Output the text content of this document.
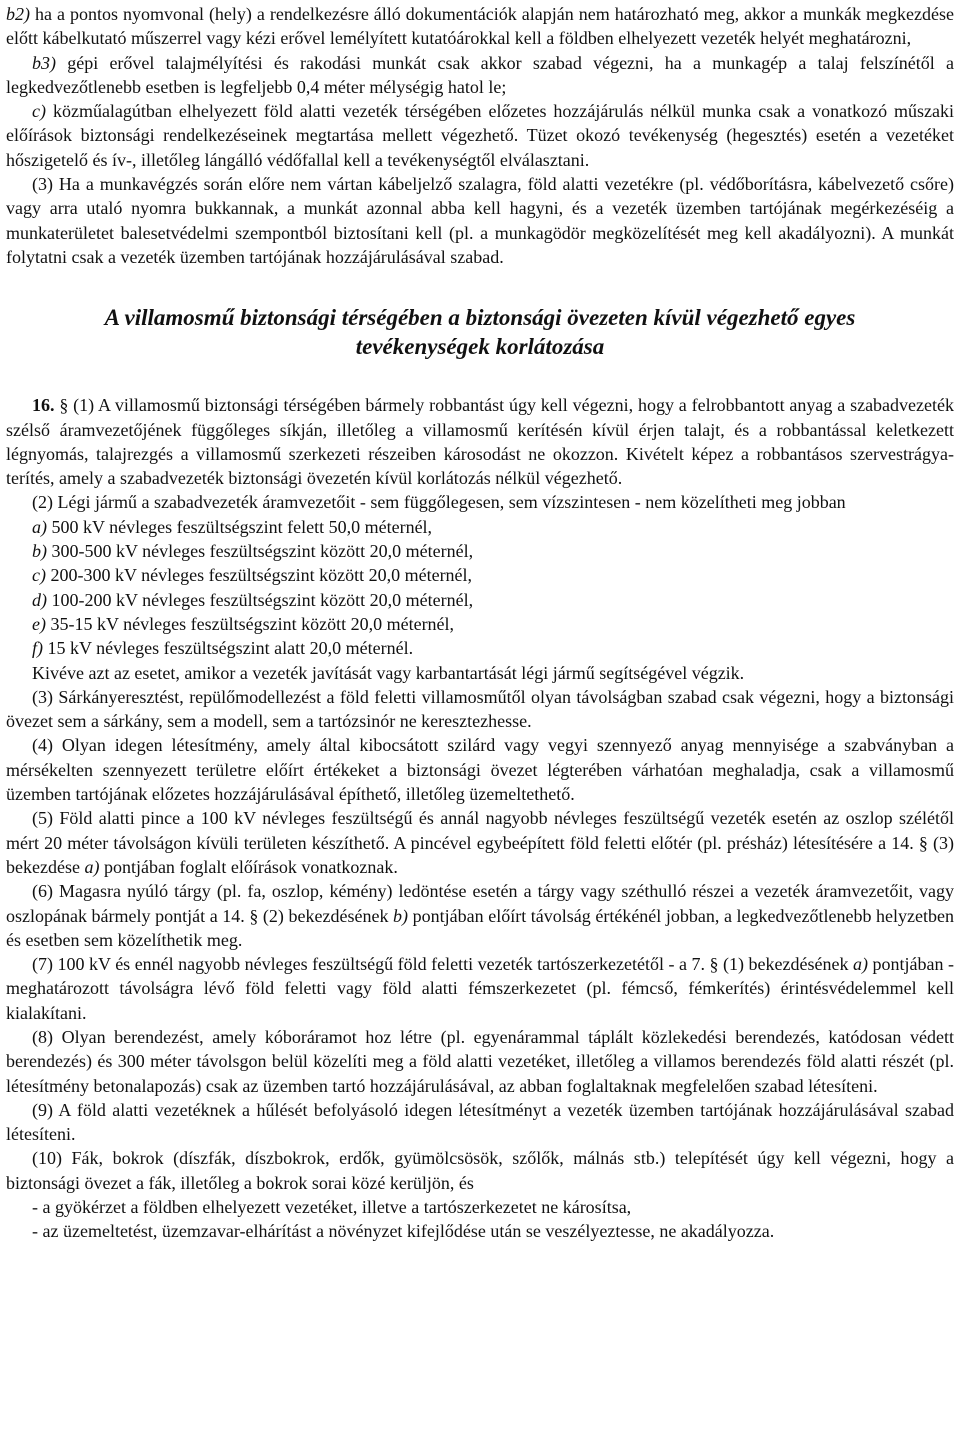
b2) ha a pontos nyomvonal (hely) a rendelkezésre álló dokumentációk alapján nem határozható meg, akkor a munkák megkezdése előtt kábelkutató műszerrel vagy kézi erővel lemélyített kutatóárokkal kell a földben elhelyezett vezeték helyét meghatározni,

b3) gépi erővel talajmélyítési és rakodási munkát csak akkor szabad végezni, ha a munkagép a talaj felszínétől a legkedvezőtlenebb esetben is legfeljebb 0,4 méter mélységig hatol le;

c) közműalagútban elhelyezett föld alatti vezeték térségében előzetes hozzájárulás nélkül munka csak a vonatkozó műszaki előírások biztonsági rendelkezéseinek megtartása mellett végezhető. Tüzet okozó tevékenység (hegesztés) esetén a vezetéket hőszigetelő és ív-, illetőleg lángálló védőfallal kell a tevékenységtől elválasztani.

(3) Ha a munkavégzés során előre nem vártan kábeljelző szalagra, föld alatti vezetékre (pl. védőborításra, kábelvezető csőre) vagy arra utaló nyomra bukkannak, a munkát azonnal abba kell hagyni, és a vezeték üzemben tartójának megérkezéséig a munkaterületet balesetvédelmi szempontból biztosítani kell (pl. a munkagödör megközelítését meg kell akadályozni). A munkát folytatni csak a vezeték üzemben tartójának hozzájárulásával szabad.

A villamosmű biztonsági térségében a biztonsági övezeten kívül végezhető egyes
tevékenységek korlátozása

16. § (1) A villamosmű biztonsági térségében bármely robbantást úgy kell végezni, hogy a felrobbantott anyag a szabadvezeték szélső áramvezetőjének függőleges síkján, illetőleg a villamosmű kerítésén kívül érjen talajt, és a robbantással keletkezett légnyomás, talajrezgés a villamosmű szerkezeti részeiben károsodást ne okozzon. Kivételt képez a robbantásos szervestrágya-terítés, amely a szabadvezeték biztonsági övezetén kívül korlátozás nélkül végezhető.

(2) Légi jármű a szabadvezeték áramvezetőit - sem függőlegesen, sem vízszintesen - nem közelítheti meg jobban

a) 500 kV névleges feszültségszint felett 50,0 méternél,

b) 300-500 kV névleges feszültségszint között 20,0 méternél,

c) 200-300 kV névleges feszültségszint között 20,0 méternél,

d) 100-200 kV névleges feszültségszint között 20,0 méternél,

e) 35-15 kV névleges feszültségszint között 20,0 méternél,

f) 15 kV névleges feszültségszint alatt 20,0 méternél.

Kivéve azt az esetet, amikor a vezeték javítását vagy karbantartását légi jármű segítségével végzik.

(3) Sárkányeresztést, repülőmodellezést a föld feletti villamosműtől olyan távolságban szabad csak végezni, hogy a biztonsági övezet sem a sárkány, sem a modell, sem a tartózsinór ne keresztezhesse.

(4) Olyan idegen létesítmény, amely által kibocsátott szilárd vagy vegyi szennyező anyag mennyisége a szabványban a mérsékelten szennyezett területre előírt értékeket a biztonsági övezet légterében várhatóan meghaladja, csak a villamosmű üzemben tartójának előzetes hozzájárulásával építhető, illetőleg üzemeltethető.

(5) Föld alatti pince a 100 kV névleges feszültségű és annál nagyobb névleges feszültségű vezeték esetén az oszlop szélétől mért 20 méter távolságon kívüli területen készíthető. A pincével egybeépített föld feletti előtér (pl. présház) létesítésére a 14. § (3) bekezdése a) pontjában foglalt előírások vonatkoznak.

(6) Magasra nyúló tárgy (pl. fa, oszlop, kémény) ledöntése esetén a tárgy vagy széthulló részei a vezeték áramvezetőit, vagy oszlopának bármely pontját a 14. § (2) bekezdésének b) pontjában előírt távolság értékénél jobban, a legkedvezőtlenebb helyzetben és esetben sem közelíthetik meg.

(7) 100 kV és ennél nagyobb névleges feszültségű föld feletti vezeték tartószerkezetétől - a 7. § (1) bekezdésének a) pontjában - meghatározott távolságra lévő föld feletti vagy föld alatti fémszerkezetet (pl. fémcső, fémkerítés) érintésvédelemmel kell kialakítani.

(8) Olyan berendezést, amely kóboráramot hoz létre (pl. egyenárammal táplált közlekedési berendezés, katódosan védett berendezés) és 300 méter távolsgon belül közelíti meg a föld alatti vezetéket, illetőleg a villamos berendezés föld alatti részét (pl. létesítmény betonalapozás) csak az üzemben tartó hozzájárulásával, az abban foglaltaknak megfelelően szabad létesíteni.

(9) A föld alatti vezetéknek a hűlését befolyásoló idegen létesítményt a vezeték üzemben tartójának hozzájárulásával szabad létesíteni.

(10) Fák, bokrok (díszfák, díszbokrok, erdők, gyümölcsösök, szőlők, málnás stb.) telepítését úgy kell végezni, hogy a biztonsági övezet a fák, illetőleg a bokrok sorai közé kerüljön, és

- a gyökérzet a földben elhelyezett vezetéket, illetve a tartószerkezetet ne károsítsa,

- az üzemeltetést, üzemzavar-elhárítást a növényzet kifejlődése után se veszélyeztesse, ne akadályozza.
